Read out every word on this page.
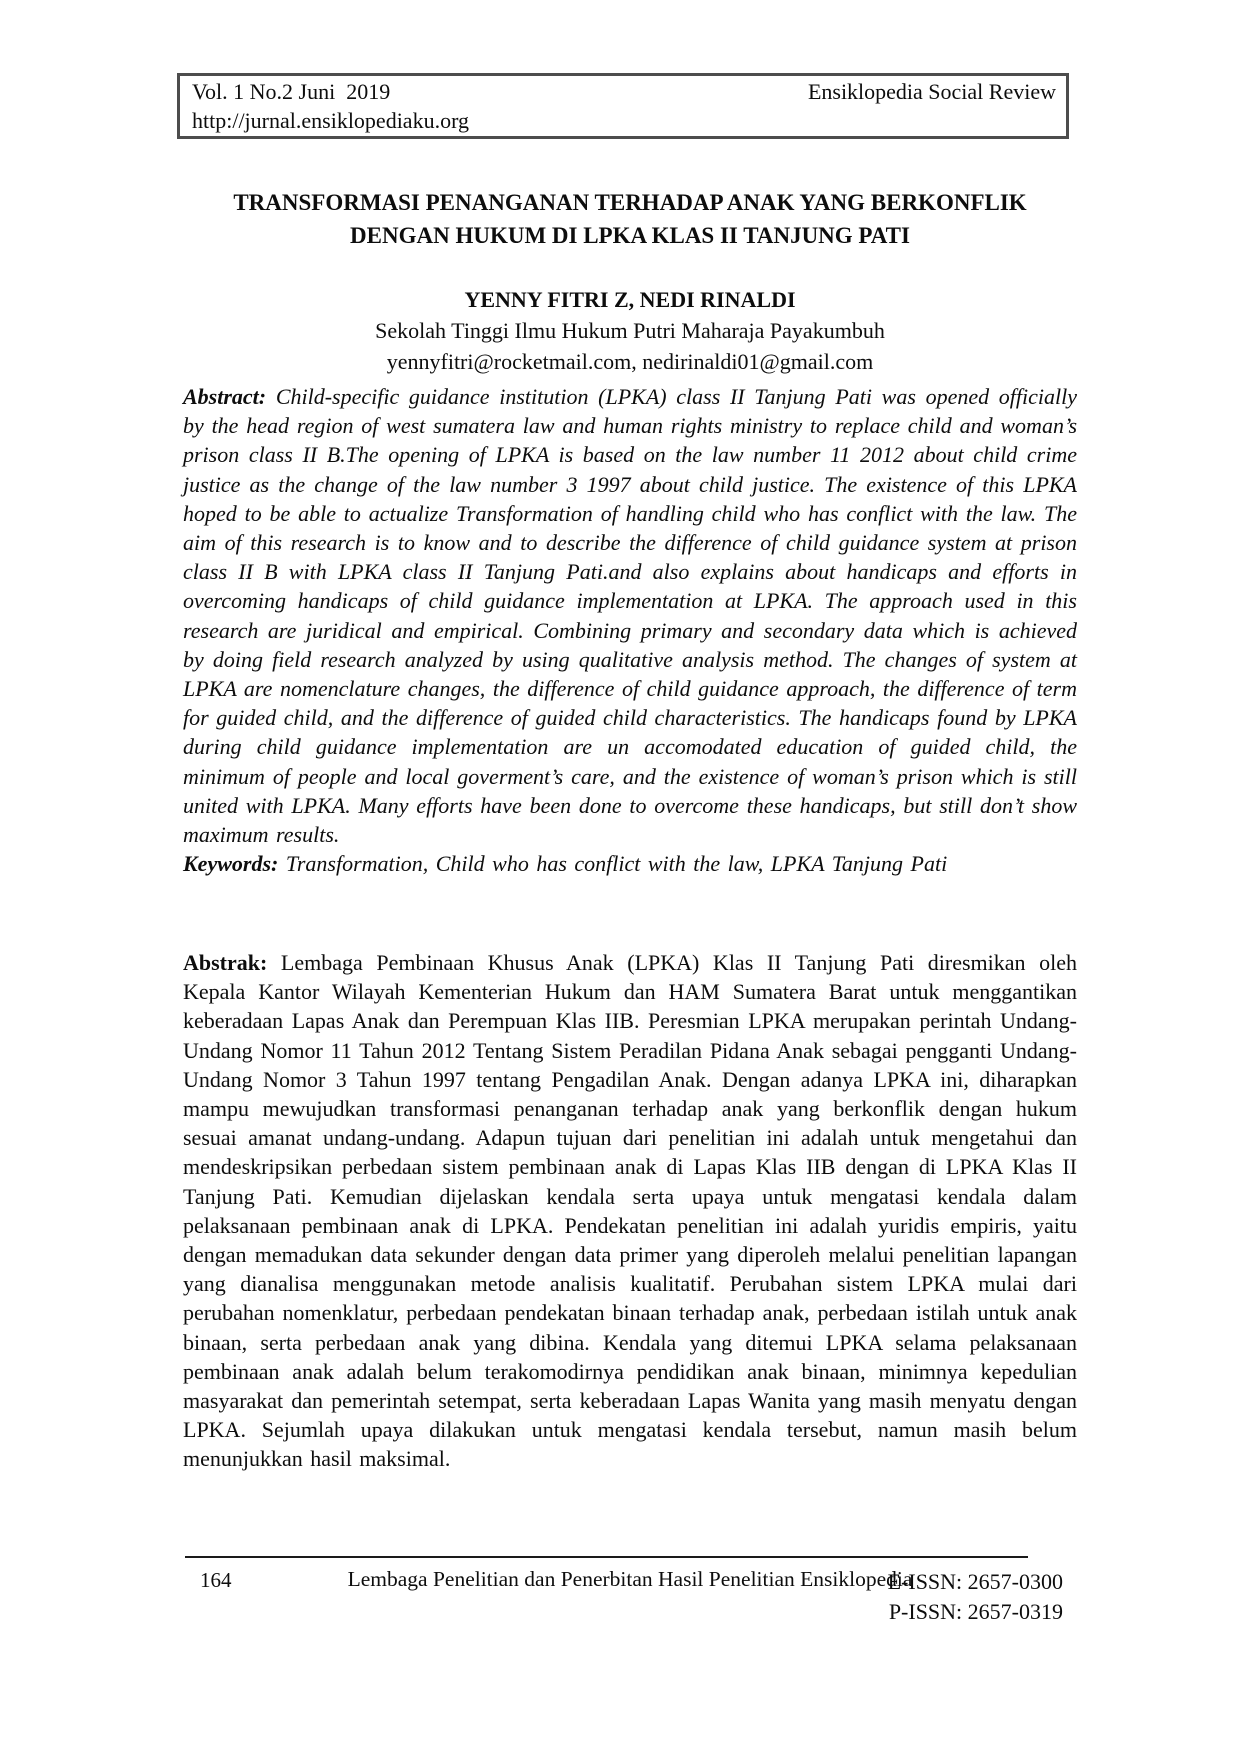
Vol. 1 No.2 Juni  2019	Ensiklopedia Social Review
http://jurnal.ensiklopediaku.org
TRANSFORMASI PENANGANAN TERHADAP ANAK YANG BERKONFLIK
DENGAN HUKUM DI LPKA KLAS II TANJUNG PATI
YENNY FITRI Z, NEDI RINALDI
Sekolah Tinggi Ilmu Hukum Putri Maharaja Payakumbuh
yennyfitri@rocketmail.com, nedirinaldi01@gmail.com

Abstract: Child-specific guidance institution (LPKA) class II Tanjung Pati was opened officially by the head region of west sumatera law and human rights ministry to replace child and woman’s prison class II B.The opening of LPKA is based on the law number 11 2012 about child crime justice as the change of the law number 3 1997 about child justice. The existence of this LPKA hoped to be able to actualize Transformation of handling child who has conflict with the law. The aim of this research is to know and to describe the difference of child guidance system at prison class II B with LPKA class II Tanjung Pati.and also explains about handicaps and efforts in overcoming handicaps of child guidance implementation at LPKA. The approach used in this research are juridical and empirical. Combining primary and secondary data which is achieved by doing field research analyzed by using qualitative analysis method. The changes of system at LPKA are nomenclature changes, the difference of child guidance approach, the difference of term for guided child, and the difference of guided child characteristics. The handicaps found by LPKA during child guidance implementation are un accomodated education of guided child, the minimum of people and local goverment’s care, and the existence of woman’s prison which is still united with LPKA. Many efforts have been done to overcome these handicaps, but still don’t show maximum results.

Keywords: Transformation, Child who has conflict with the law, LPKA Tanjung Pati

Abstrak: Lembaga Pembinaan Khusus Anak (LPKA) Klas II Tanjung Pati diresmikan oleh Kepala Kantor Wilayah Kementerian Hukum dan HAM Sumatera Barat untuk menggantikan keberadaan Lapas Anak dan Perempuan Klas IIB. Peresmian LPKA merupakan perintah Undang-Undang Nomor 11 Tahun 2012 Tentang Sistem Peradilan Pidana Anak sebagai pengganti Undang-Undang Nomor 3 Tahun 1997 tentang Pengadilan Anak. Dengan adanya LPKA ini, diharapkan mampu mewujudkan transformasi penanganan terhadap anak yang berkonflik dengan hukum sesuai amanat undang-undang. Adapun tujuan dari penelitian ini adalah untuk mengetahui dan mendeskripsikan perbedaan sistem pembinaan anak di Lapas Klas IIB dengan di LPKA Klas II Tanjung Pati. Kemudian dijelaskan kendala serta upaya untuk mengatasi kendala dalam pelaksanaan pembinaan anak di LPKA. Pendekatan penelitian ini adalah yuridis empiris, yaitu dengan memadukan data sekunder dengan data primer yang diperoleh melalui penelitian lapangan yang dianalisa menggunakan metode analisis kualitatif. Perubahan sistem LPKA mulai dari perubahan nomenklatur, perbedaan pendekatan binaan terhadap anak, perbedaan istilah untuk anak binaan, serta perbedaan anak yang dibina. Kendala yang ditemui LPKA selama pelaksanaan pembinaan anak adalah belum terakomodirnya pendidikan anak binaan, minimnya kepedulian masyarakat dan pemerintah setempat, serta keberadaan Lapas Wanita yang masih menyatu dengan LPKA. Sejumlah upaya dilakukan untuk mengatasi kendala tersebut, namun masih belum menunjukkan hasil maksimal.

164	Lembaga Penelitian dan Penerbitan Hasil Penelitian Ensiklopedia
E-ISSN: 2657-0300
P-ISSN: 2657-0319
